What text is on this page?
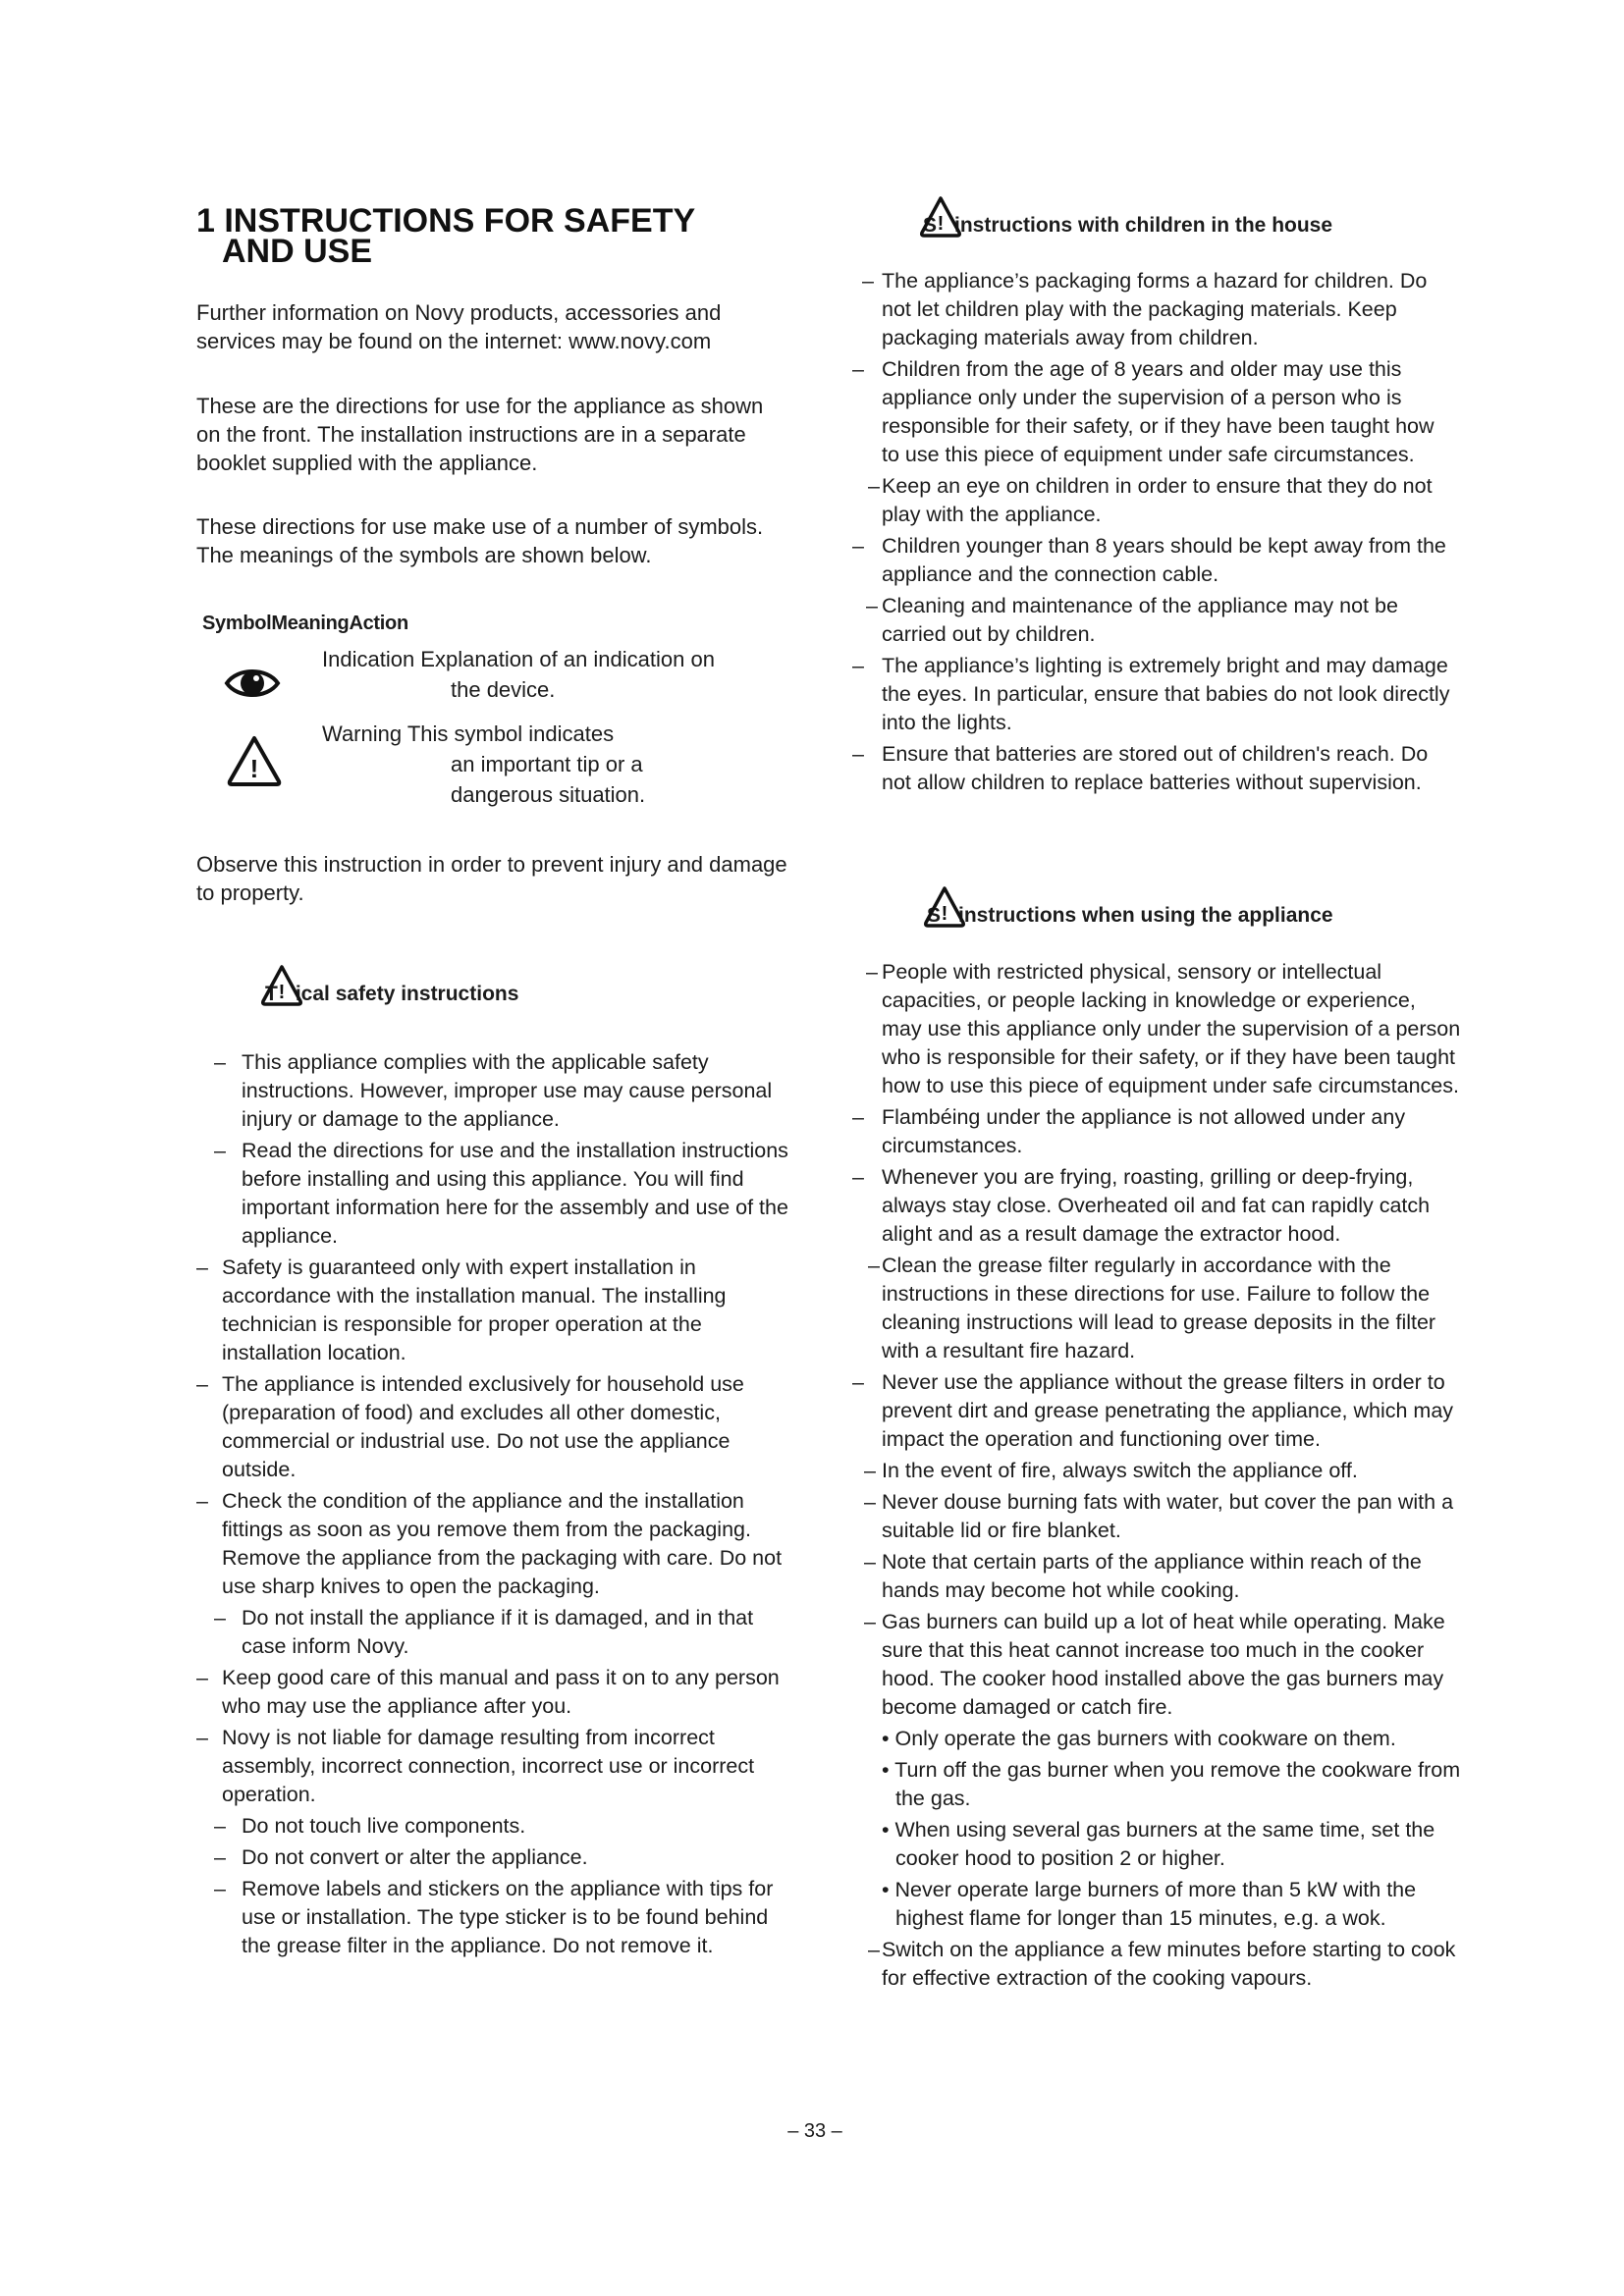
1 INSTRUCTIONS FOR SAFETY
AND USE
Further information on Novy products, accessories and services may be found on the internet: www.novy.com
These are the directions for use for the appliance as shown on the front. The installation instructions are in a separate booklet supplied with the appliance.
These directions for use make use of a number of symbols. The meanings of the symbols are shown below.
SymbolMeaningAction
Indication Explanation of an indication on
the device.
!
Warning This symbol indicates
an important tip or a
dangerous situation.
Observe this instruction in order to prevent injury and damage to property.
T ! ical safety instructions
– This appliance complies with the applicable safety instructions. However, improper use may cause personal injury or damage to the appliance.
– Read the directions for use and the installation instructions before installing and using this appliance. You will find important information here for the assembly and use of the appliance.
– Safety is guaranteed only with expert installation in accordance with the installation manual. The installing technician is responsible for proper operation at the installation location.
– The appliance is intended exclusively for household use (preparation of food) and excludes all other domestic, commercial or industrial use. Do not use the appliance outside.
– Check the condition of the appliance and the installation fittings as soon as you remove them from the packaging. Remove the appliance from the packaging with care. Do not use sharp knives to open the packaging.
– Do not install the appliance if it is damaged, and in that case inform Novy.
– Keep good care of this manual and pass it on to any person who may use the appliance after you.
– Novy is not liable for damage resulting from incorrect assembly, incorrect connection, incorrect use or incorrect operation.
– Do not touch live components.
– Do not convert or alter the appliance.
– Remove labels and stickers on the appliance with tips for use or installation. The type sticker is to be found behind the grease filter in the appliance. Do not remove it.
S ! instructions with children in the house
– The appliance’s packaging forms a hazard for children. Do not let children play with the packaging materials. Keep packaging materials away from children.
– Children from the age of 8 years and older may use this appliance only under the supervision of a person who is responsible for their safety, or if they have been taught how to use this piece of equipment under safe circumstances.
– Keep an eye on children in order to ensure that they do not play with the appliance.
– Children younger than 8 years should be kept away from the appliance and the connection cable.
– Cleaning and maintenance of the appliance may not be carried out by children.
– The appliance’s lighting is extremely bright and may damage the eyes. In particular, ensure that babies do not look directly into the lights.
– Ensure that batteries are stored out of children's reach. Do not allow children to replace batteries without supervision.
S ! instructions when using the appliance
– People with restricted physical, sensory or intellectual capacities, or people lacking in knowledge or experience, may use this appliance only under the supervision of a person who is responsible for their safety, or if they have been taught how to use this piece of equipment under safe circumstances.
– Flambéing under the appliance is not allowed under any circumstances.
– Whenever you are frying, roasting, grilling or deep-frying, always stay close. Overheated oil and fat can rapidly catch alight and as a result damage the extractor hood.
– Clean the grease filter regularly in accordance with the instructions in these directions for use. Failure to follow the cleaning instructions will lead to grease deposits in the filter with a resultant fire hazard.
– Never use the appliance without the grease filters in order to prevent dirt and grease penetrating the appliance, which may impact the operation and functioning over time.
– In the event of fire, always switch the appliance off.
– Never douse burning fats with water, but cover the pan with a suitable lid or fire blanket.
– Note that certain parts of the appliance within reach of the hands may become hot while cooking.
– Gas burners can build up a lot of heat while operating. Make sure that this heat cannot increase too much in the cooker hood. The cooker hood installed above the gas burners may become damaged or catch fire.
• Only operate the gas burners with cookware on them.
• Turn off the gas burner when you remove the cookware from the gas.
• When using several gas burners at the same time, set the cooker hood to position 2 or higher.
• Never operate large burners of more than 5 kW with the highest flame for longer than 15 minutes, e.g. a wok.
– Switch on the appliance a few minutes before starting to cook for effective extraction of the cooking vapours.
– 33 –
